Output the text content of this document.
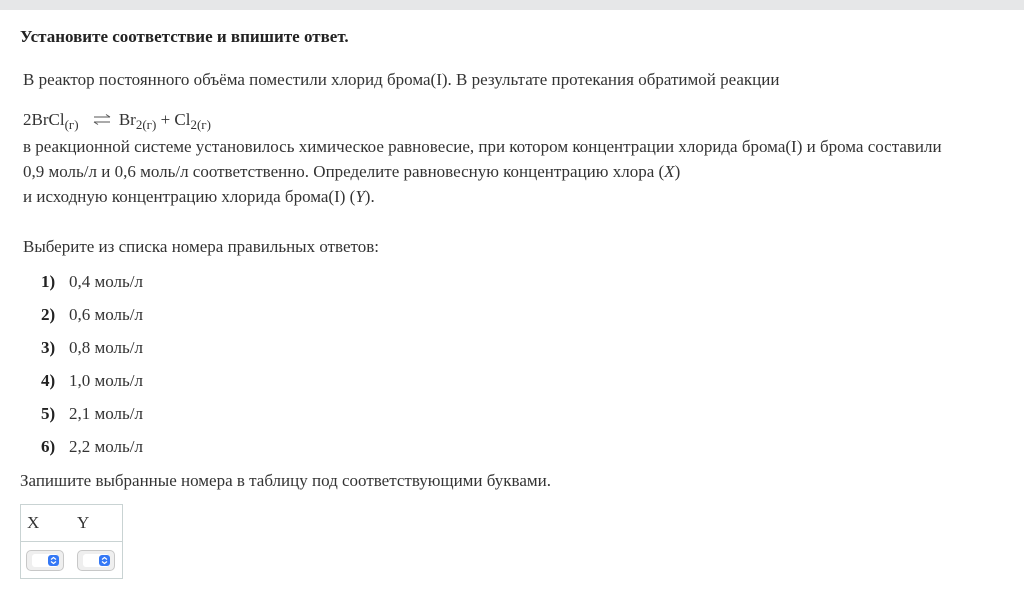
Установите соответствие и впишите ответ.
В реактор постоянного объёма поместили хлорид брома(I). В результате протекания обратимой реакции
2BrCl$_{(г)}$ ⇌ $Br_{2(г)} + Cl_{2(г)}$
в реакционной системе установилось химическое равновесие, при котором концентрации хлорида брома(I) и брома составили
0,9 моль/л и 0,6 моль/л соответственно. Определите равновесную концентрацию хлора (X)
и исходную концентрацию хлорида брома(I) (Y).
Выберите из списка номера правильных ответов:
1) 0,4 моль/л
2) 0,6 моль/л
3) 0,8 моль/л
4) 1,0 моль/л
5) 2,1 моль/л
6) 2,2 моль/л
Запишите выбранные номера в таблицу под соответствующими буквами.
X Y
